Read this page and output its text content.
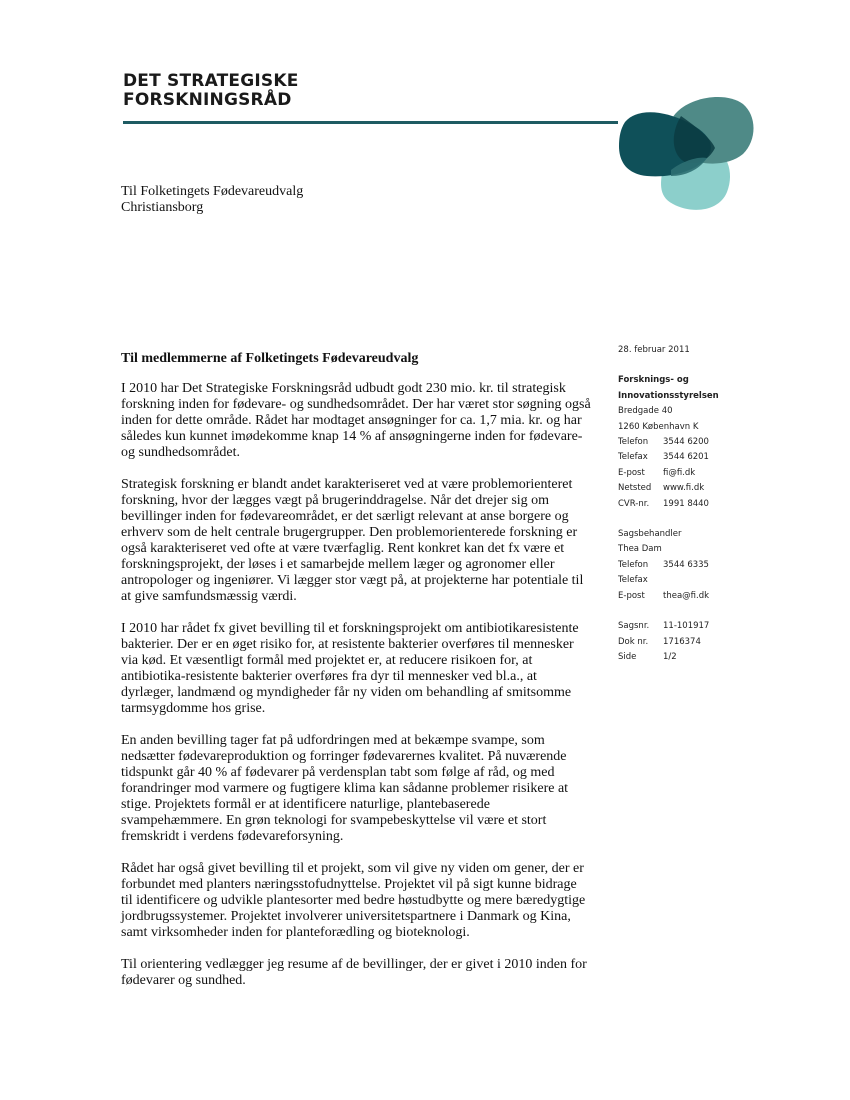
DET STRATEGISKE
FORSKNINGSRÅD
Til Folketingets Fødevareudvalg
Christiansborg
Til medlemmerne af Folketingets Fødevareudvalg

I 2010 har Det Strategiske Forskningsråd udbudt godt 230 mio. kr. til strategisk forskning inden for fødevare- og sundhedsområdet. Der har været stor søgning også inden for dette område. Rådet har modtaget ansøgninger for ca. 1,7 mia. kr. og har således kun kunnet imødekomme knap 14 % af ansøgningerne inden for fødevare- og sundhedsområdet.

Strategisk forskning er blandt andet karakteriseret ved at være problemorienteret forskning, hvor der lægges vægt på brugerinddragelse. Når det drejer sig om bevillinger inden for fødevareområdet, er det særligt relevant at anse borgere og erhverv som de helt centrale brugergrupper. Den problemorienterede forskning er også karakteriseret ved ofte at være tværfaglig. Rent konkret kan det fx være et forskningsprojekt, der løses i et samarbejde mellem læger og agronomer eller antropologer og ingeniører. Vi lægger stor vægt på, at projekterne har potentiale til at give samfundsmæssig værdi.

I 2010 har rådet fx givet bevilling til et forskningsprojekt om antibiotikaresistente bakterier. Der er en øget risiko for, at resistente bakterier overføres til mennesker via kød. Et væsentligt formål med projektet er, at reducere risikoen for, at antibiotika-resistente bakterier overføres fra dyr til mennesker ved bl.a., at dyrlæger, landmænd og myndigheder får ny viden om behandling af smitsomme tarmsygdomme hos grise.

En anden bevilling tager fat på udfordringen med at bekæmpe svampe, som nedsætter fødevareproduktion og forringer fødevarernes kvalitet. På nuværende tidspunkt går 40 % af fødevarer på verdensplan tabt som følge af råd, og med forandringer mod varmere og fugtigere klima kan sådanne problemer risikere at stige. Projektets formål er at identificere naturlige, plantebaserede svampehæmmere. En grøn teknologi for svampebeskyttelse vil være et stort fremskridt i verdens fødevareforsyning.

Rådet har også givet bevilling til et projekt, som vil give ny viden om gener, der er forbundet med planters næringsstofudnyttelse. Projektet vil på sigt kunne bidrage til identificere og udvikle plantesorter med bedre høstudbytte og mere bæredygtige jordbrugssystemer. Projektet involverer universitetspartnere i Danmark og Kina, samt virksomheder inden for planteforædling og bioteknologi.

Til orientering vedlægger jeg resume af de bevillinger, der er givet i 2010 inden for fødevarer og sundhed.

28. februar 2011
Forsknings- og
Innovationsstyrelsen
Bredgade 40
1260 København K
Telefon	3544 6200
Telefax	3544 6201
E-post	fi@fi.dk
Netsted	www.fi.dk
CVR-nr.	1991 8440
Sagsbehandler
Thea Dam
Telefon	3544 6335
Telefax
E-post	thea@fi.dk
Sagsnr.	11-101917
Dok nr.	1716374
Side	1/2
